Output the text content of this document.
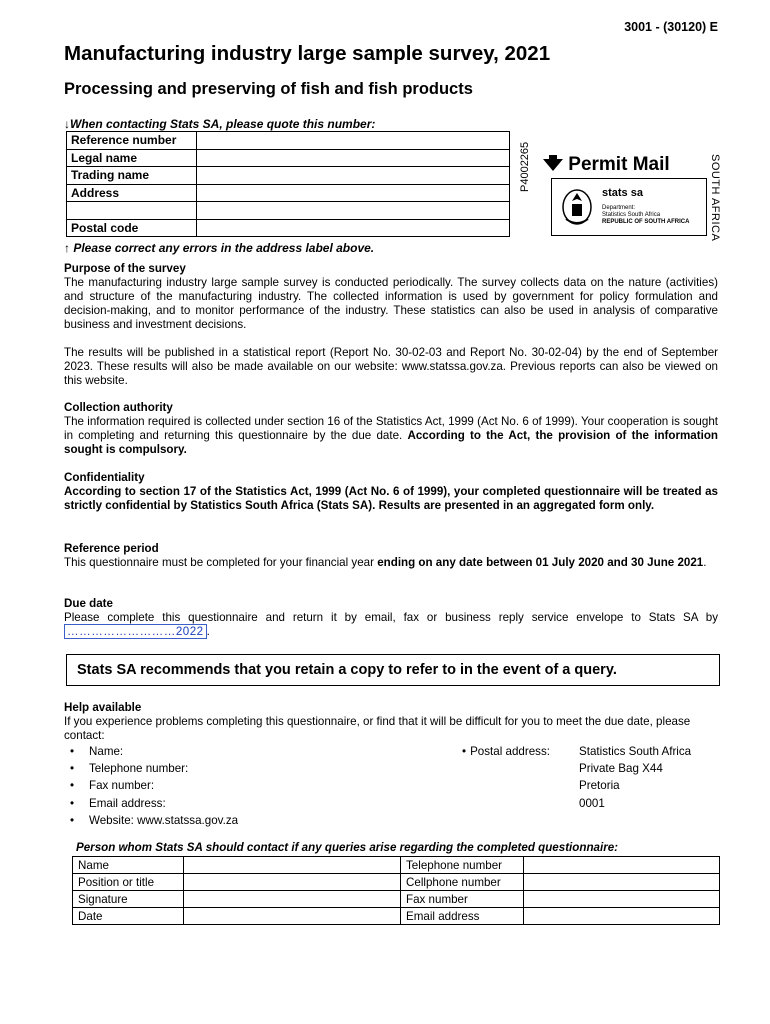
3001 - (30120) E
Manufacturing industry large sample survey, 2021
Processing and preserving of fish and fish products
↓When contacting Stats SA, please quote this number:
Reference number	
Legal name	
Trading name	
Address	

Postal code	
P4002265	Permit Mail	SOUTH AFRICA
stats sa
Department:
Statistics South Africa
REPUBLIC OF SOUTH AFRICA
↑ Please correct any errors in the address label above.

Purpose of the survey

The manufacturing industry large sample survey is conducted periodically. The survey collects data on the nature (activities) and structure of the manufacturing industry. The collected information is used by government for policy formulation and decision-making, and to monitor performance of the industry. These statistics can also be used in analysis of comparative business and investment decisions.

The results will be published in a statistical report (Report No. 30-02-03 and Report No. 30-02-04) by the end of September 2023. These results will also be made available on our website: www.statssa.gov.za. Previous reports can also be viewed on this website.

Collection authority

The information required is collected under section 16 of the Statistics Act, 1999 (Act No. 6 of 1999). Your cooperation is sought in completing and returning this questionnaire by the due date. According to the Act, the provision of the information sought is compulsory.

Confidentiality

According to section 17 of the Statistics Act, 1999 (Act No. 6 of 1999), your completed questionnaire will be treated as strictly confidential by Statistics South Africa (Stats SA). Results are presented in an aggregated form only.

Reference period

This questionnaire must be completed for your financial year ending on any date between 01 July 2020 and 30 June 2021.

Due date

Please complete this questionnaire and return it by email, fax or business reply service envelope to Stats SA by ………………………2022 .

Stats SA recommends that you retain a copy to refer to in the event of a query.
Help available
If you experience problems completing this questionnaire, or find that it will be difficult for you to meet the due date, please contact:
• Name:
• Telephone number:
• Fax number:
• Email address:
• Website: www.statssa.gov.za
• Postal address:	Statistics South Africa
Private Bag X44
Pretoria
0001
Person whom Stats SA should contact if any queries arise regarding the completed questionnaire:
Name		Telephone number	
Position or title		Cellphone number	
Signature		Fax number	
Date		Email address	
